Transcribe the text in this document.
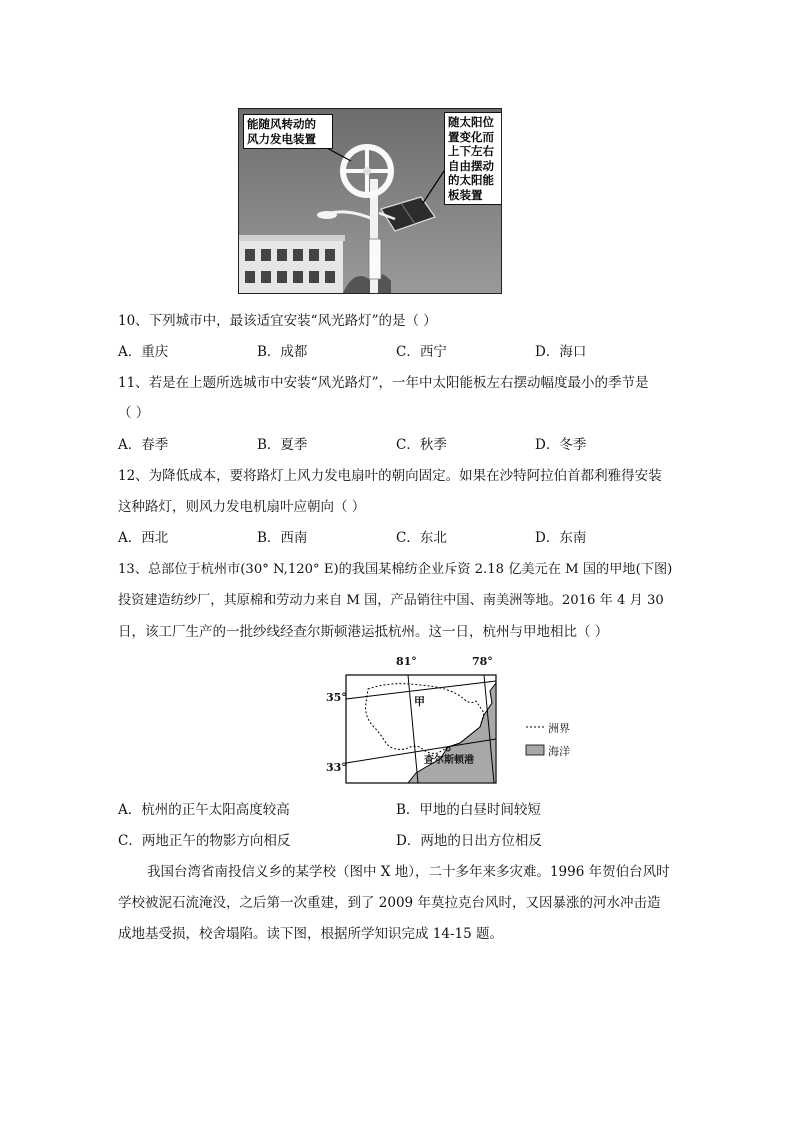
能随风转动的
风力发电装置
随太阳位
置变化而
上下左右
自由摆动
的太阳能
板装置
10、下列城市中，最该适宜安装“风光路灯”的是（ ）
A．重庆	B．成都	C．西宁	D．海口
11、若是在上题所选城市中安装“风光路灯”，一年中太阳能板左右摆动幅度最小的季节是
（ ）
A．春季	B．夏季	C．秋季	D．冬季
12、为降低成本，要将路灯上风力发电扇叶的朝向固定。如果在沙特阿拉伯首都利雅得安装
这种路灯，则风力发电机扇叶应朝向（ ）
A．西北	B．西南	C．东北	D．东南
13、总部位于杭州市(30° N,120° E)的我国某棉纺企业斥资 2.18 亿美元在 M 国的甲地(下图)
投资建造纺纱厂，其原棉和劳动力来自 M 国，产品销往中国、南美洲等地。2016 年 4 月 30
日，该工厂生产的一批纱线经查尔斯顿港运抵杭州。这一日，杭州与甲地相比（ ）
81°	78°
35°
33°
甲
查尔斯顿港
洲界
海洋
A．杭州的正午太阳高度较高	B．甲地的白昼时间较短
C．两地正午的物影方向相反	D．两地的日出方位相反
我国台湾省南投信义乡的某学校（图中 X 地），二十多年来多灾难。1996 年贺伯台风时
学校被泥石流淹没，之后第一次重建，到了 2009 年莫拉克台风时，又因暴涨的河水冲击造
成地基受损，校舍塌陷。读下图，根据所学知识完成 14-15 题。
